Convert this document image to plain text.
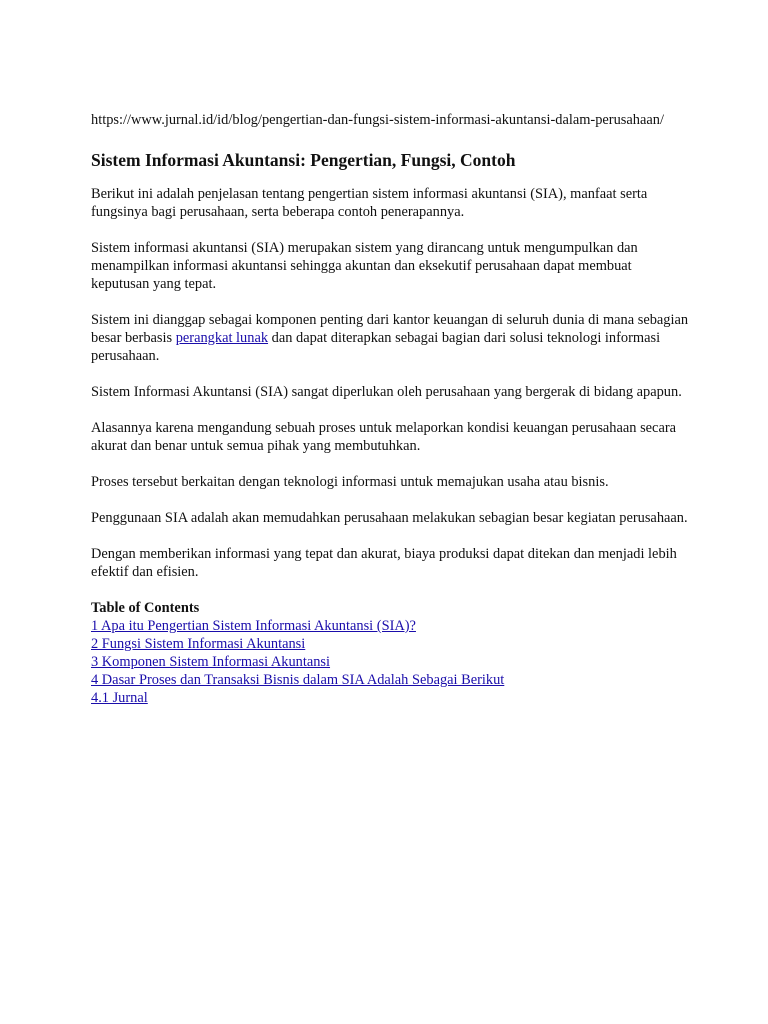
https://www.jurnal.id/id/blog/pengertian-dan-fungsi-sistem-informasi-akuntansi-dalam-perusahaan/

Sistem Informasi Akuntansi: Pengertian, Fungsi, Contoh

Berikut ini adalah penjelasan tentang pengertian sistem informasi akuntansi (SIA), manfaat serta fungsinya bagi perusahaan, serta beberapa contoh penerapannya.

Sistem informasi akuntansi (SIA) merupakan sistem yang dirancang untuk mengumpulkan dan menampilkan informasi akuntansi sehingga akuntan dan eksekutif perusahaan dapat membuat keputusan yang tepat.

Sistem ini dianggap sebagai komponen penting dari kantor keuangan di seluruh dunia di mana sebagian besar berbasis perangkat lunak dan dapat diterapkan sebagai bagian dari solusi teknologi informasi perusahaan.

Sistem Informasi Akuntansi (SIA) sangat diperlukan oleh perusahaan yang bergerak di bidang apapun.

Alasannya karena mengandung sebuah proses untuk melaporkan kondisi keuangan perusahaan secara akurat dan benar untuk semua pihak yang membutuhkan.

Proses tersebut berkaitan dengan teknologi informasi untuk memajukan usaha atau bisnis.

Penggunaan SIA adalah akan memudahkan perusahaan melakukan sebagian besar kegiatan perusahaan.

Dengan memberikan informasi yang tepat dan akurat, biaya produksi dapat ditekan dan menjadi lebih efektif dan efisien.

Table of Contents

1 Apa itu Pengertian Sistem Informasi Akuntansi (SIA)?
2 Fungsi Sistem Informasi Akuntansi
3 Komponen Sistem Informasi Akuntansi
4 Dasar Proses dan Transaksi Bisnis dalam SIA Adalah Sebagai Berikut
4.1 Jurnal
